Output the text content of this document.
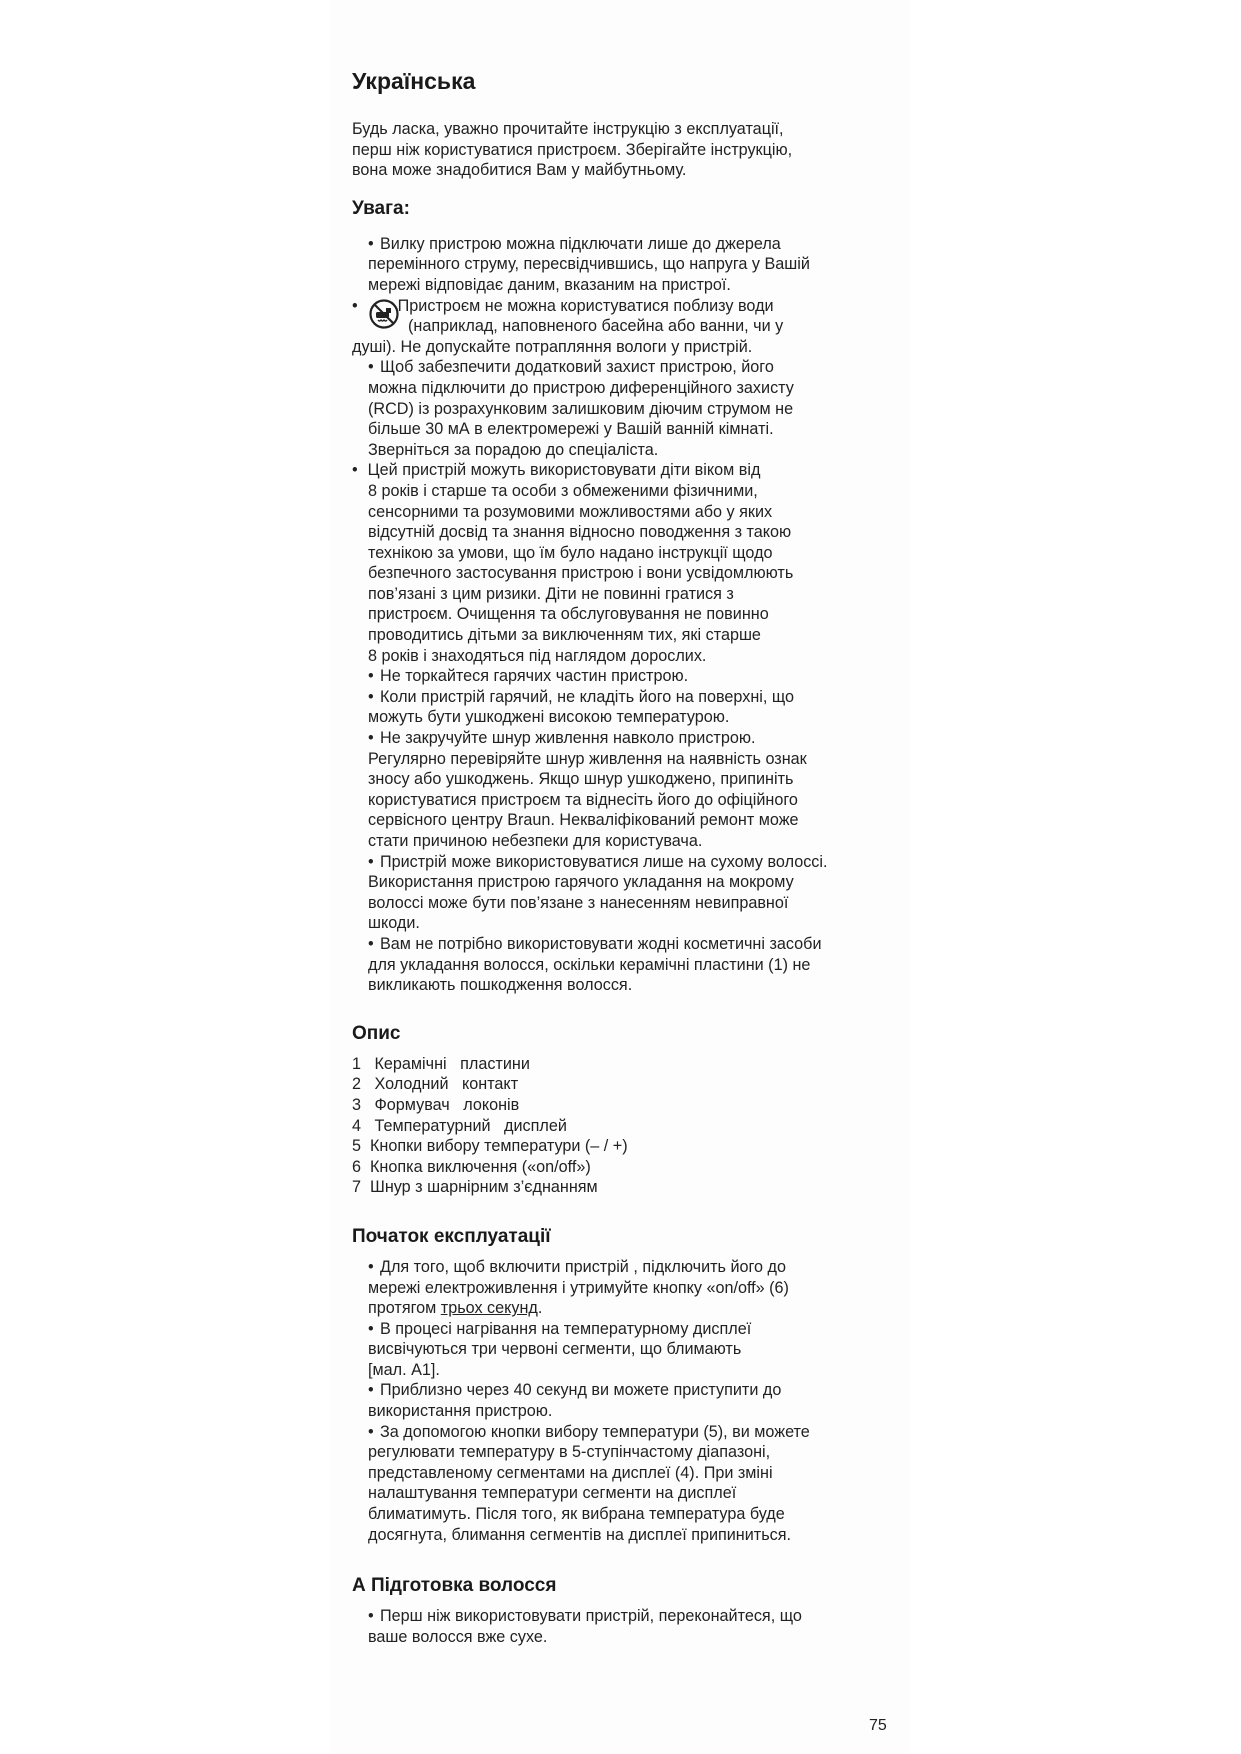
Українська
Будь ласка, уважно прочитайте інструкцію з експлуатації,
перш ніж користуватися пристроєм. Зберігайте інструкцію,
вона може знадобитися Вам у майбутньому.
Увага:
• Вилку пристрою можна підключати лише до джерела
перемінного струму, пересвідчившись, що напруга у Вашій
мережі відповідає даним, вказаним на пристрої.
• Пристроєм не можна користуватися поблизу води
(наприклад, наповненого басейна або ванни, чи у
душі). Не допускайте потрапляння вологи у пристрій.
• Щоб забезпечити додатковий захист пристрою, його
можна підключити до пристрою диференційного захисту
(RCD) із розрахунковим залишковим діючим струмом не
більше 30 мА в електромережі у Вашій ванній кімнаті.
Зверніться за порадою до спеціаліста.
• Цей пристрій можуть використовувати діти віком від
8 років і старше та особи з обмеженими фізичними,
сенсорними та розумовими можливостями або у яких
відсутній досвід та знання відносно поводження з такою
технікою за умови, що їм було надано інструкції щодо
безпечного застосування пристрою і вони усвідомлюють
пов’язані з цим ризики. Діти не повинні гратися з
пристроєм. Очищення та обслуговування не повинно
проводитись дітьми за виключенням тих, які старше
8 років і знаходяться під наглядом дорослих.
• Не торкайтеся гарячих частин пристрою.
• Коли пристрій гарячий, не кладіть його на поверхні, що
можуть бути ушкоджені високою температурою.
• Не закручуйте шнур живлення навколо пристрою.
Регулярно перевіряйте шнур живлення на наявність ознак
зносу або ушкоджень. Якщо шнур ушкоджено, припиніть
користуватися пристроєм та віднесіть його до офіційного
сервісного центру Braun. Некваліфікований ремонт може
стати причиною небезпеки для користувача.
• Пристрій може використовуватися лише на сухому волоссі.
Використання пристрою гарячого укладання на мокрому
волоссі може бути пов’язане з нанесенням невиправної
шкоди.
• Вам не потрібно використовувати жодні косметичні засоби
для укладання волосся, оскільки керамічні пластини (1) не
викликають пошкодження волосся.
Опис
1   Керамічні   пластини
2   Холодний   контакт
3   Формувач   локонів
4   Температурний   дисплей
5  Кнопки вибору температури (– / +)
6  Кнопка виключення («on/off»)
7  Шнур з шарнірним з’єднанням
Початок експлуатації
• Для того, щоб включити пристрій , підключить його до
мережі електроживлення і утримуйте кнопку «on/off» (6)
протягом трьох секунд.
• В процесі нагрівання на температурному дисплеї
висвічуються три червоні сегменти, що блимають
[мал. А1].
• Приблизно через 40 секунд ви можете приступити до
використання пристрою.
• За допомогою кнопки вибору температури (5), ви можете
регулювати температуру в 5-ступінчастому діапазоні,
представленому сегментами на дисплеї (4). При зміні
налаштування температури сегменти на дисплеї
блиматимуть. Після того, як вибрана температура буде
досягнута, блимання сегментів на дисплеї припиниться.
А Підготовка волосся
• Перш ніж використовувати пристрій, переконайтеся, що
ваше волосся вже сухе.
75
